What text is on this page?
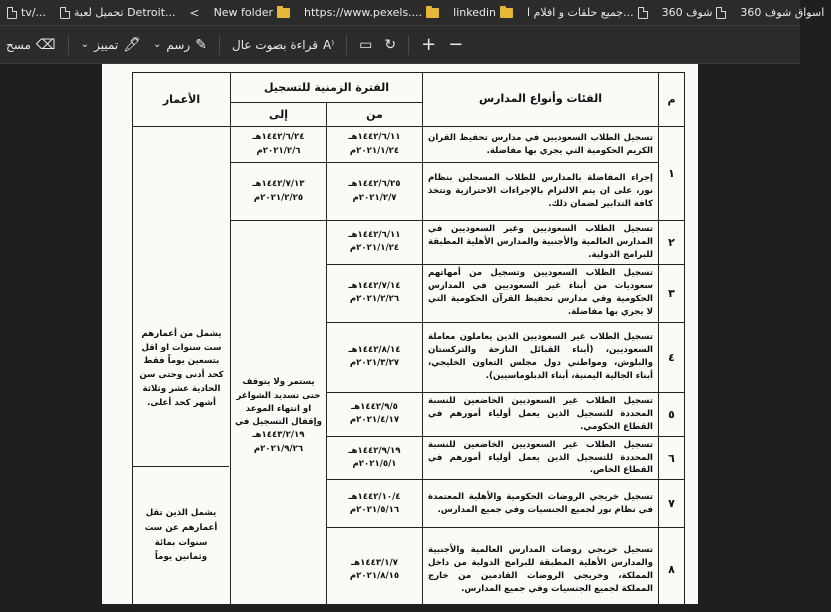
tv/...	تحميل لعبة Detroit... < New folder	https://www.pexels....	linkedin	جميع حلقات و افلام ا...	شوف 360	اسواق شوف 360
مسح ⌫	⌄ تمييز 🖊 ⌄ رسم ✎ قراءة بصوت عال A⁾ ▭ ↻ + −
م	الفئات وأنواع المدارس	الفترة الزمنية للتسجيل		الأعمار
		من	إلى	
١	تسجيل الطلاب السعوديين في مدارس تحفيظ القران الكريم الحكومية التي يجري بها مفاضلة.	١٤٤٢/٦/١١هـ ٢٠٢١/١/٢٤م	١٤٤٢/٦/٢٤هـ ٢٠٢١/٢/٦م	يشمل من أعمارهم ست سنوات او اقل بتسعين يوماً فقط كحد أدنى وحتى سن الحادية عشر وثلاثة أشهر كحد أعلى.
	إجراء المفاضلة بالمدارس للطلاب المسجلين بنظام نور، على ان يتم الالتزام بالإجراءات الاحترازية وتتخذ كافة التدابير لضمان ذلك.	١٤٤٢/٦/٢٥هـ ٢٠٢١/٢/٧م	١٤٤٢/٧/١٣هـ ٢٠٢١/٢/٢٥م	
٢	تسجيل الطلاب السعوديين وغير السعوديين في المدارس العالمية والأجنبية والمدارس الأهلية المطبقة للبرامج الدولية.	١٤٤٢/٦/١١هـ ٢٠٢١/١/٢٤م	يستمر ولا يتوقف حتى تسديد الشواغر او انتهاء الموعد وإقفال التسجيل في ١٤٤٣/٢/١٩هـ ٢٠٢١/٩/٢٦م	
٣	تسجيل الطلاب السعوديين وتسجيل من أمهاتهم سعوديات من أبناء غير السعوديين في المدارس الحكومية وفي مدارس تحفيظ القرآن الحكومية التي لا يجري بها مفاضلة.	١٤٤٢/٧/١٤هـ ٢٠٢١/٢/٢٦م		
٤	تسجيل الطلاب غير السعوديين الذين يعاملون معاملة السعوديين، (أبناء القبائل النازحة والتركستان والبلوش، ومواطني دول مجلس التعاون الخليجي، أبناء الجالية اليمنية، أبناء الدبلوماسيين).	١٤٤٢/٨/١٤هـ ٢٠٢١/٣/٢٧م		
٥	تسجيل الطلاب غير السعوديين الخاضعين للنسبة المحددة للتسجيل الذين يعمل أولياء أمورهم في القطاع الحكومي.	١٤٤٢/٩/٥هـ ٢٠٢١/٤/١٧م		
٦	تسجيل الطلاب غير السعوديين الخاضعين للنسبة المحددة للتسجيل الذين يعمل أولياء أمورهم في القطاع الخاص.	١٤٤٢/٩/١٩هـ ٢٠٢١/٥/١م		
٧	تسجيل خريجي الروضات الحكومية والأهلية المعتمدة في نظام نور لجميع الجنسيات وفي جميع المدارس.	١٤٤٢/١٠/٤هـ ٢٠٢١/٥/١٦م		
٨	تسجيل خريجي روضات المدارس العالمية والأجنبية والمدارس الأهلية المطبقة للبرامج الدولية من داخل المملكة، وخريجي الروضات القادمين من خارج المملكة لجميع الجنسيات وفي جميع المدارس.	١٤٤٣/١/٧هـ ٢٠٢١/٨/١٥م		
يشمل الذين تقل أعمارهم عن ست سنوات بمائة وثمانين يوماً
